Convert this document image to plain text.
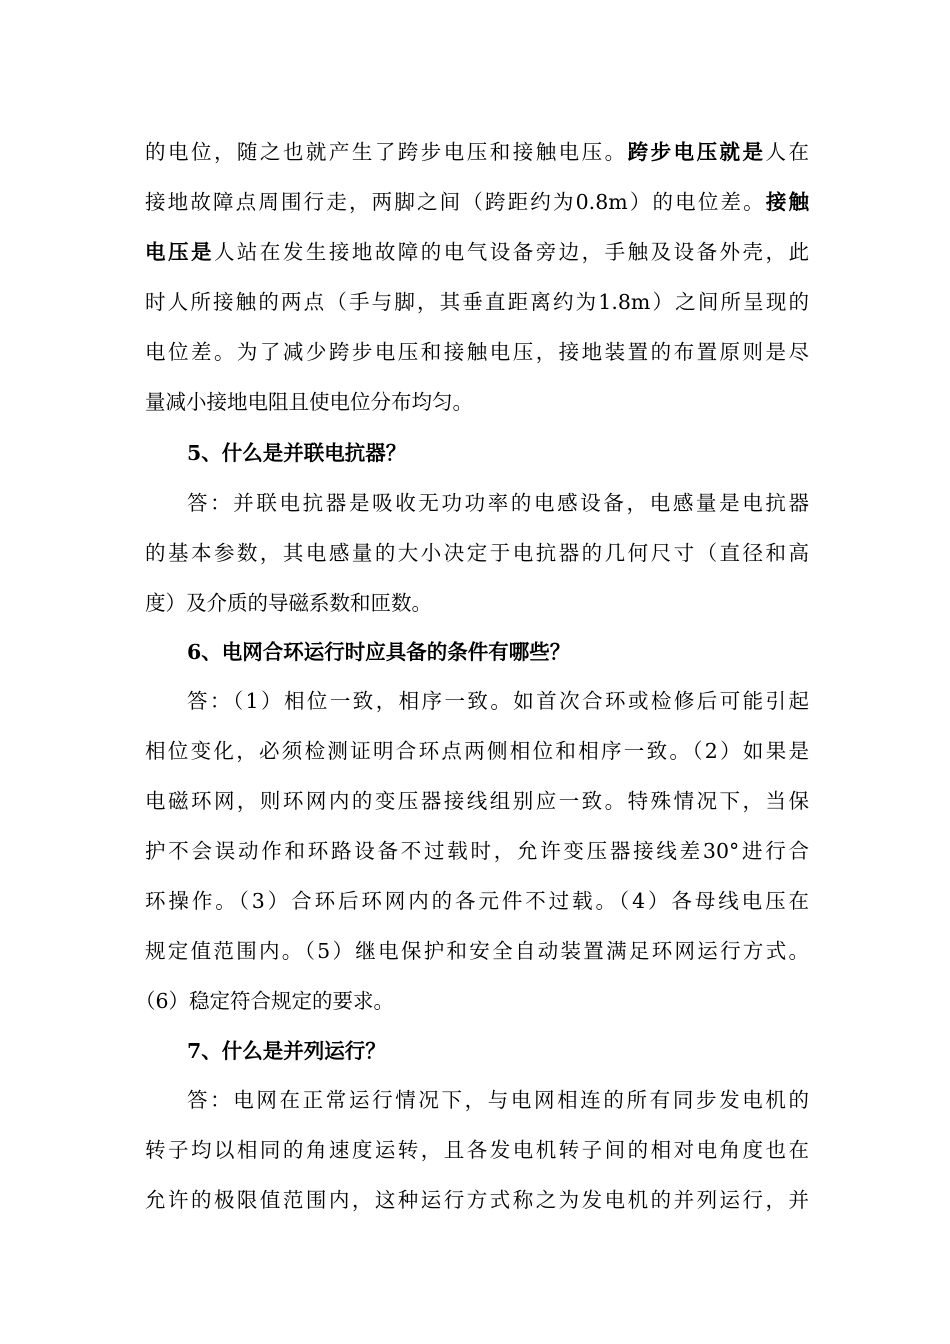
的电位，随之也就产生了跨步电压和接触电压。跨步电压就是人在
接地故障点周围行走，两脚之间（跨距约为0.8m）的电位差。接触
电压是人站在发生接地故障的电气设备旁边，手触及设备外壳，此
时人所接触的两点（手与脚，其垂直距离约为1.8m）之间所呈现的
电位差。为了减少跨步电压和接触电压，接地装置的布置原则是尽
量减小接地电阻且使电位分布均匀。
5、什么是并联电抗器？
答：并联电抗器是吸收无功功率的电感设备，电感量是电抗器
的基本参数，其电感量的大小决定于电抗器的几何尺寸（直径和高
度）及介质的导磁系数和匝数。
6、电网合环运行时应具备的条件有哪些？
答：（1）相位一致，相序一致。如首次合环或检修后可能引起
相位变化，必须检测证明合环点两侧相位和相序一致。（2）如果是
电磁环网，则环网内的变压器接线组别应一致。特殊情况下，当保
护不会误动作和环路设备不过载时，允许变压器接线差30°进行合
环操作。（3）合环后环网内的各元件不过载。（4）各母线电压在
规定值范围内。（5）继电保护和安全自动装置满足环网运行方式。
（6）稳定符合规定的要求。
7、什么是并列运行？
答：电网在正常运行情况下，与电网相连的所有同步发电机的
转子均以相同的角速度运转，且各发电机转子间的相对电角度也在
允许的极限值范围内，这种运行方式称之为发电机的并列运行，并
